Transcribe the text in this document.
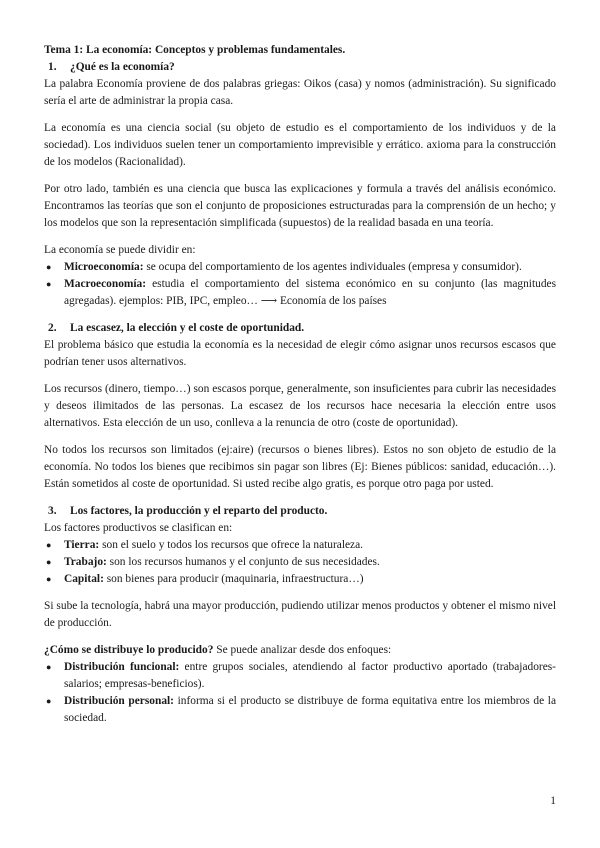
Tema 1: La economía: Conceptos y problemas fundamentales.

1. ¿Qué es la economía?

La palabra Economía proviene de dos palabras griegas: Oikos (casa) y nomos (administración). Su significado sería el arte de administrar la propia casa.

La economía es una ciencia social (su objeto de estudio es el comportamiento de los individuos y de la sociedad). Los individuos suelen tener un comportamiento imprevisible y errático. axioma para la construcción de los modelos (Racionalidad).

Por otro lado, también es una ciencia que busca las explicaciones y formula a través del análisis económico. Encontramos las teorías que son el conjunto de proposiciones estructuradas para la comprensión de un hecho; y los modelos que son la representación simplificada (supuestos) de la realidad basada en una teoría.

La economía se puede dividir en:

● Microeconomía: se ocupa del comportamiento de los agentes individuales (empresa y consumidor).
● Macroeconomía: estudia el comportamiento del sistema económico en su conjunto (las magnitudes agregadas). ejemplos: PIB, IPC, empleo… ⟶ Economía de los países
2. La escasez, la elección y el coste de oportunidad.

El problema básico que estudia la economía es la necesidad de elegir cómo asignar unos recursos escasos que podrían tener usos alternativos.

Los recursos (dinero, tiempo…) son escasos porque, generalmente, son insuficientes para cubrir las necesidades y deseos ilimitados de las personas. La escasez de los recursos hace necesaria la elección entre usos alternativos. Esta elección de un uso, conlleva a la renuncia de otro (coste de oportunidad).

No todos los recursos son limitados (ej:aire) (recursos o bienes libres). Estos no son objeto de estudio de la economía. No todos los bienes que recibimos sin pagar son libres (Ej: Bienes públicos: sanidad, educación…). Están sometidos al coste de oportunidad. Si usted recibe algo gratis, es porque otro paga por usted.

3. Los factores, la producción y el reparto del producto.

Los factores productivos se clasifican en:

● Tierra: son el suelo y todos los recursos que ofrece la naturaleza.
● Trabajo: son los recursos humanos y el conjunto de sus necesidades.
● Capital: son bienes para producir (maquinaria, infraestructura…)

Si sube la tecnología, habrá una mayor producción, pudiendo utilizar menos productos y obtener el mismo nivel de producción.

¿Cómo se distribuye lo producido? Se puede analizar desde dos enfoques:

● Distribución funcional: entre grupos sociales, atendiendo al factor productivo aportado (trabajadores- salarios; empresas-beneficios).
● Distribución personal: informa si el producto se distribuye de forma equitativa entre los miembros de la sociedad.
1
